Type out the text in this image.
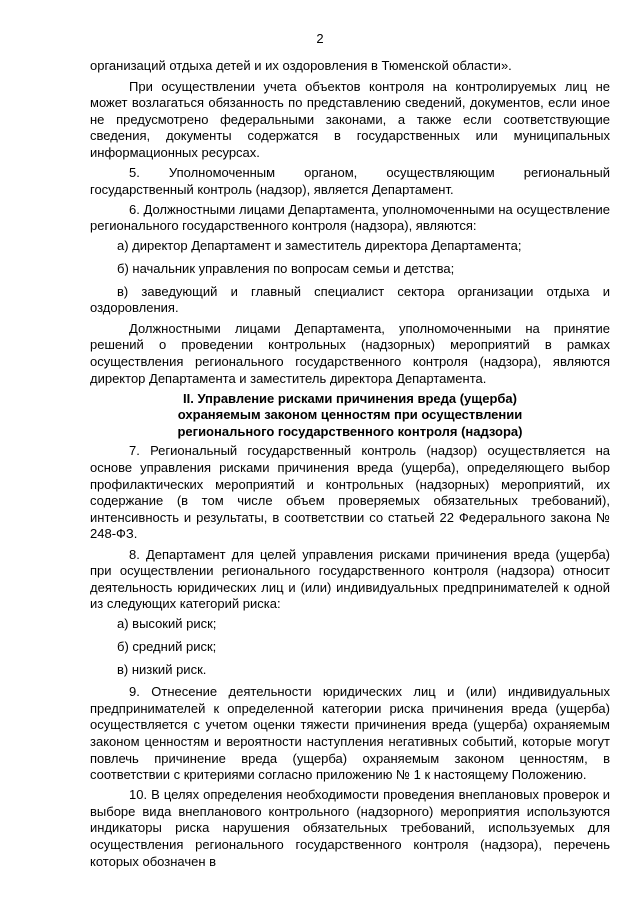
2

организаций отдыха детей и их оздоровления в Тюменской области».

При осуществлении учета объектов контроля на контролируемых лиц не может возлагаться обязанность по представлению сведений, документов, если иное не предусмотрено федеральными законами, а также если соответствующие сведения, документы содержатся в государственных или муниципальных информационных ресурсах.

5. Уполномоченным органом, осуществляющим региональный государственный контроль (надзор), является Департамент.

6. Должностными лицами Департамента, уполномоченными на осуществление регионального государственного контроля (надзора), являются:

а) директор Департамент и заместитель директора Департамента;

б) начальник управления по вопросам семьи и детства;

в) заведующий и главный специалист сектора организации отдыха и оздоровления.

Должностными лицами Департамента, уполномоченными на принятие решений о проведении контрольных (надзорных) мероприятий в рамках осуществления регионального государственного контроля (надзора), являются директор Департамента и заместитель директора Департамента.

II. Управление рисками причинения вреда (ущерба)
охраняемым законом ценностям при осуществлении
регионального государственного контроля (надзора)

7. Региональный государственный контроль (надзор) осуществляется на основе управления рисками причинения вреда (ущерба), определяющего выбор профилактических мероприятий и контрольных (надзорных) мероприятий, их содержание (в том числе объем проверяемых обязательных требований), интенсивность и результаты, в соответствии со статьей 22 Федерального закона № 248-ФЗ.

8. Департамент для целей управления рисками причинения вреда (ущерба) при осуществлении регионального государственного контроля (надзора) относит деятельность юридических лиц и (или) индивидуальных предпринимателей к одной из следующих категорий риска:

а) высокий риск;

б) средний риск;

в) низкий риск.

9. Отнесение деятельности юридических лиц и (или) индивидуальных предпринимателей к определенной категории риска причинения вреда (ущерба) осуществляется с учетом оценки тяжести причинения вреда (ущерба) охраняемым законом ценностям и вероятности наступления негативных событий, которые могут повлечь причинение вреда (ущерба) охраняемым законом ценностям, в соответствии с критериями согласно приложению № 1 к настоящему Положению.

10. В целях определения необходимости проведения внеплановых проверок и выборе вида внепланового контрольного (надзорного) мероприятия используются индикаторы риска нарушения обязательных требований, используемых для осуществления регионального государственного контроля (надзора), перечень которых обозначен в
